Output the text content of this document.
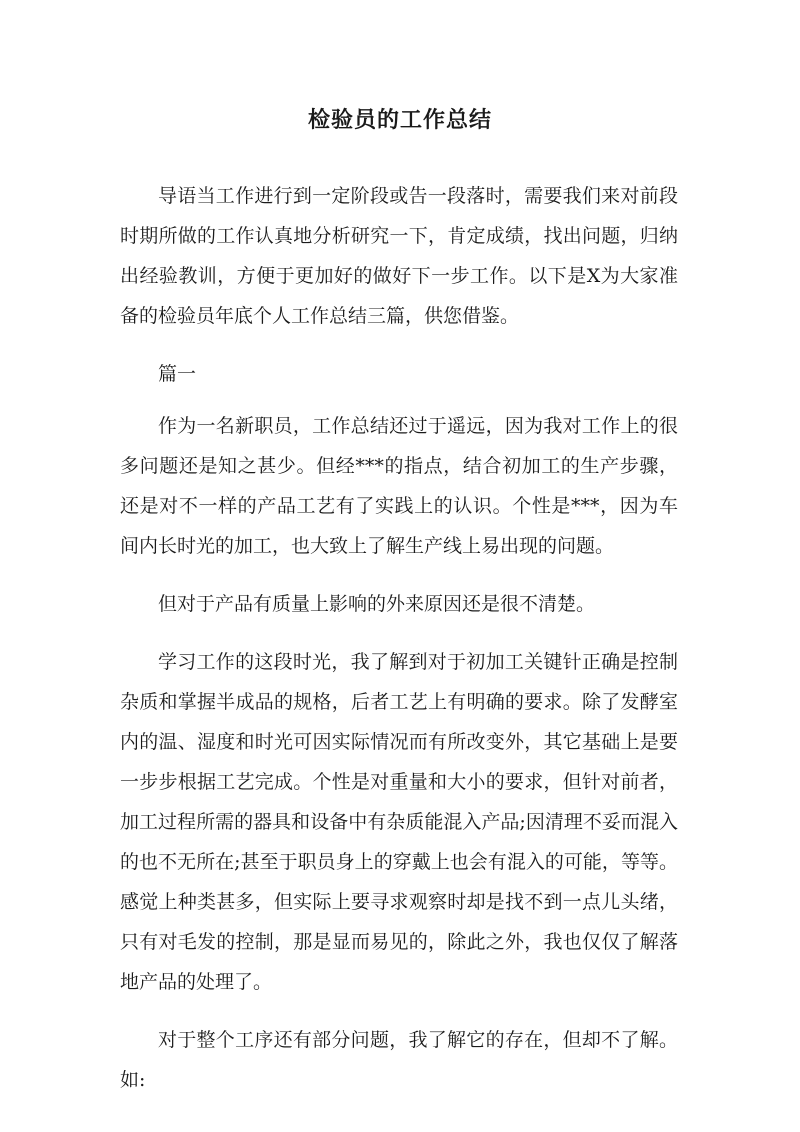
检验员的工作总结

导语当工作进行到一定阶段或告一段落时，需要我们来对前段时期所做的工作认真地分析研究一下，肯定成绩，找出问题，归纳出经验教训，方便于更加好的做好下一步工作。以下是X为大家准备的检验员年底个人工作总结三篇，供您借鉴。

篇一

作为一名新职员，工作总结还过于遥远，因为我对工作上的很多问题还是知之甚少。但经***的指点，结合初加工的生产步骤，还是对不一样的产品工艺有了实践上的认识。个性是***，因为车间内长时光的加工，也大致上了解生产线上易出现的问题。

但对于产品有质量上影响的外来原因还是很不清楚。

学习工作的这段时光，我了解到对于初加工关键针正确是控制杂质和掌握半成品的规格，后者工艺上有明确的要求。除了发酵室内的温、湿度和时光可因实际情况而有所改变外，其它基础上是要一步步根据工艺完成。个性是对重量和大小的要求，但针对前者，加工过程所需的器具和设备中有杂质能混入产品;因清理不妥而混入的也不无所在;甚至于职员身上的穿戴上也会有混入的可能，等等。感觉上种类甚多，但实际上要寻求观察时却是找不到一点儿头绪，只有对毛发的控制，那是显而易见的，除此之外，我也仅仅了解落地产品的处理了。

对于整个工序还有部分问题，我了解它的存在，但却不了解。如:
